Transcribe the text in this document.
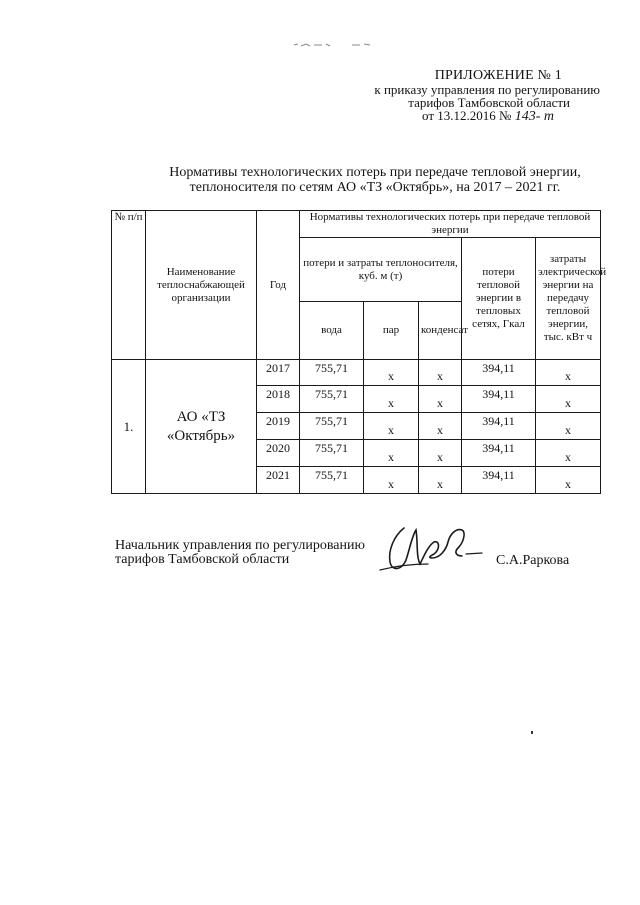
ПРИЛОЖЕНИЕ № 1
к приказу управления по регулированию
тарифов Тамбовской области
от 13.12.2016 № 143- т
Нормативы технологических потерь при передаче тепловой энергии,
теплоносителя по сетям АО «ТЗ «Октябрь», на 2017 – 2021 гг.
№ п/п	Наименование теплоснабжающей организации	Год	Нормативы технологических потерь при передаче тепловой энергии				
			потери и затраты теплоносителя, куб. м (т)			потери тепловой энергии в тепловых сетях, Гкал	затраты электрической энергии на передачу тепловой энергии, тыс. кВт ч
			вода	пар	конденсат		
1.	АО «ТЗ «Октябрь»	2017	755,71	х	х	394,11	х
		2018	755,71	х	х	394,11	х
		2019	755,71	х	х	394,11	х
		2020	755,71	х	х	394,11	х
		2021	755,71	х	х	394,11	х
Начальник управления по регулированию
тарифов Тамбовской области	С.А.Раркова
